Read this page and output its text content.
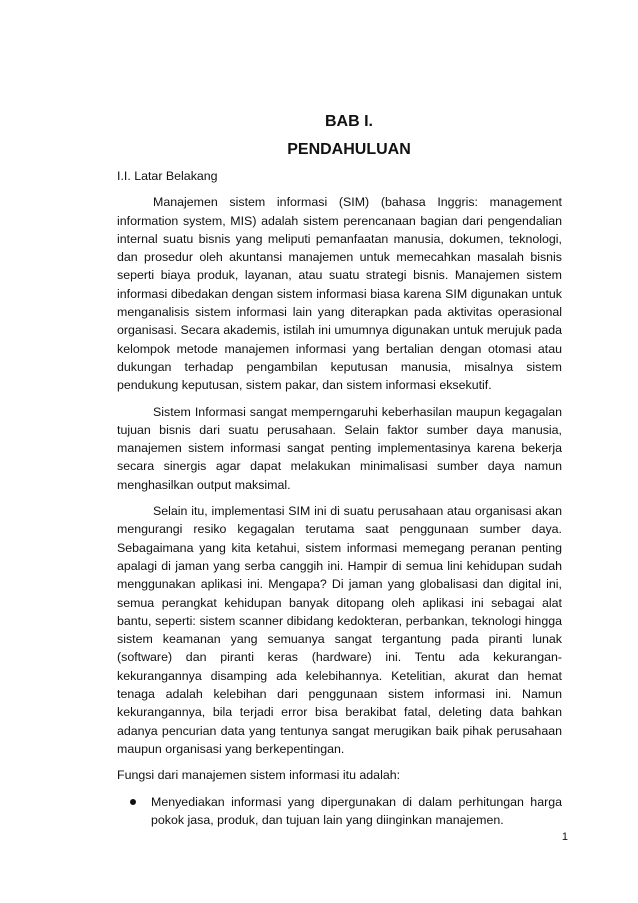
BAB I.
PENDAHULUAN
I.I. Latar Belakang

Manajemen sistem informasi (SIM) (bahasa Inggris: management information system, MIS) adalah sistem perencanaan bagian dari pengendalian internal suatu bisnis yang meliputi pemanfaatan manusia, dokumen, teknologi, dan prosedur oleh akuntansi manajemen untuk memecahkan masalah bisnis seperti biaya produk, layanan, atau suatu strategi bisnis. Manajemen sistem informasi dibedakan dengan sistem informasi biasa karena SIM digunakan untuk menganalisis sistem informasi lain yang diterapkan pada aktivitas operasional organisasi. Secara akademis, istilah ini umumnya digunakan untuk merujuk pada kelompok metode manajemen informasi yang bertalian dengan otomasi atau dukungan terhadap pengambilan keputusan manusia, misalnya sistem pendukung keputusan, sistem pakar, dan sistem informasi eksekutif.

Sistem Informasi sangat memperngaruhi keberhasilan maupun kegagalan tujuan bisnis dari suatu perusahaan. Selain faktor sumber daya manusia, manajemen sistem informasi sangat penting implementasinya karena bekerja secara sinergis agar dapat melakukan minimalisasi sumber daya namun menghasilkan output maksimal.

Selain itu, implementasi SIM ini di suatu perusahaan atau organisasi akan mengurangi resiko kegagalan terutama saat penggunaan sumber daya. Sebagaimana yang kita ketahui, sistem informasi memegang peranan penting apalagi di jaman yang serba canggih ini. Hampir di semua lini kehidupan sudah menggunakan aplikasi ini. Mengapa? Di jaman yang globalisasi dan digital ini, semua perangkat kehidupan banyak ditopang oleh aplikasi ini sebagai alat bantu, seperti: sistem scanner dibidang kedokteran, perbankan, teknologi hingga sistem keamanan yang semuanya sangat tergantung pada piranti lunak (software) dan piranti keras (hardware) ini. Tentu ada kekurangan-kekurangannya disamping ada kelebihannya. Ketelitian, akurat dan hemat tenaga adalah kelebihan dari penggunaan sistem informasi ini. Namun kekurangannya, bila terjadi error bisa berakibat fatal, deleting data bahkan adanya pencurian data yang tentunya sangat merugikan baik pihak perusahaan maupun organisasi yang berkepentingan.

Fungsi dari manajemen sistem informasi itu adalah:

Menyediakan informasi yang dipergunakan di dalam perhitungan harga pokok jasa, produk, dan tujuan lain yang diinginkan manajemen.
1
